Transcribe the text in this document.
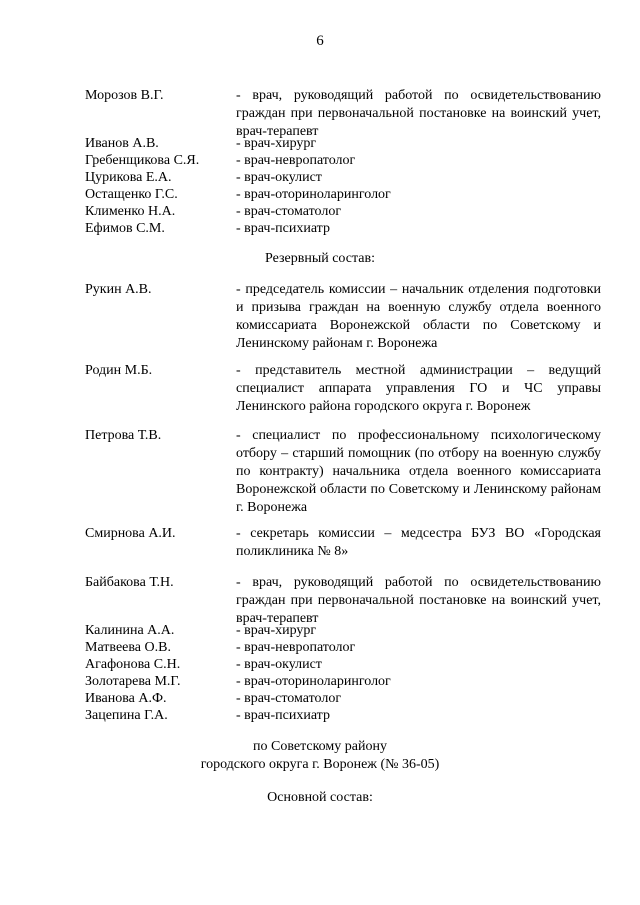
6
Морозов В.Г.	- врач, руководящий работой по освидетельствованию граждан при первоначальной постановке на воинский учет, врач-терапевт
Иванов А.В.	- врач-хирург
Гребенщикова С.Я.	- врач-невропатолог
Цурикова Е.А.	- врач-окулист
Остащенко Г.С.	- врач-оториноларинголог
Клименко Н.А.	- врач-стоматолог
Ефимов С.М.	- врач-психиатр
Резервный состав:
Рукин А.В.	- председатель комиссии – начальник отделения подготовки и призыва граждан на военную службу отдела военного комиссариата Воронежской области по Советскому и Ленинскому районам г. Воронежа
Родин М.Б.	- представитель местной администрации – ведущий специалист аппарата управления ГО и ЧС управы Ленинского района городского округа г. Воронеж
Петрова Т.В.	- специалист по профессиональному психологическому отбору – старший помощник (по отбору на военную службу по контракту) начальника отдела военного комиссариата Воронежской области по Советскому и Ленинскому районам г. Воронежа
Смирнова А.И.	- секретарь комиссии – медсестра БУЗ ВО «Городская поликлиника № 8»
Байбакова Т.Н.	- врач, руководящий работой по освидетельствованию граждан при первоначальной постановке на воинский учет, врач-терапевт
Калинина А.А.	- врач-хирург
Матвеева О.В.	- врач-невропатолог
Агафонова С.Н.	- врач-окулист
Золотарева М.Г.	- врач-оториноларинголог
Иванова А.Ф.	- врач-стоматолог
Зацепина Г.А.	- врач-психиатр
по Советскому району
городского округа г. Воронеж (№ 36-05)
Основной состав:
